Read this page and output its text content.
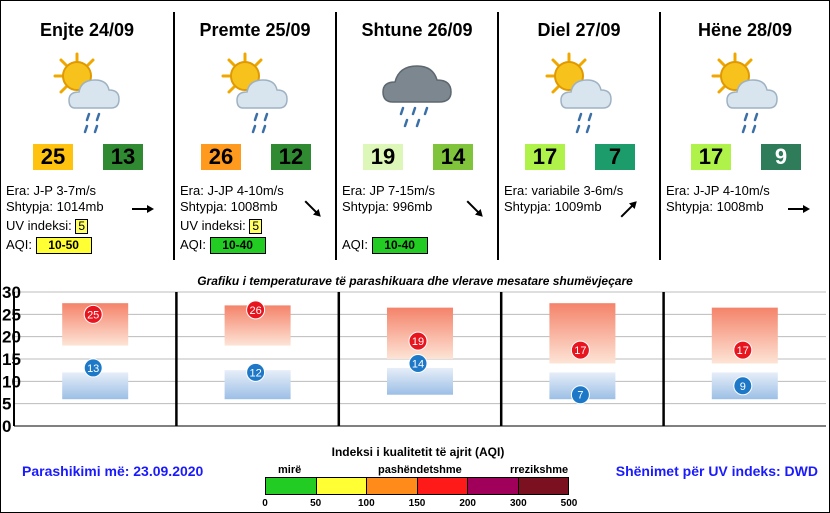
Enjte 24/09
25	13
Era: J-P 3-7m/s
Shtypja: 1014mb
UV indeksi: 5
AQI: 10-50
Premte 25/09
26	12
Era: J-JP 4-10m/s
Shtypja: 1008mb
UV indeksi: 5
AQI: 10-40
Shtune 26/09
19	14
Era: JP 7-15m/s
Shtypja: 996mb
AQI: 10-40
Diel 27/09
17	7
Era: variabile 3-6m/s
Shtypja: 1009mb
Hëne 28/09
17	9
Era: J-JP 4-10m/s
Shtypja: 1008mb
Grafiku i temperaturave të parashikuara dhe vlerave mesatare shumëvjeçare
0
5
10
15
20
25
30
25
13
26
12
19
14
17
7
17
9
Parashikimi më: 23.09.2020	Shënimet për UV indeks: DWD
Indeksi i kualitetit të ajrit (AQI)
mirë	pashëndetshme	rrezikshme
0	50	100	150	200	300	500
